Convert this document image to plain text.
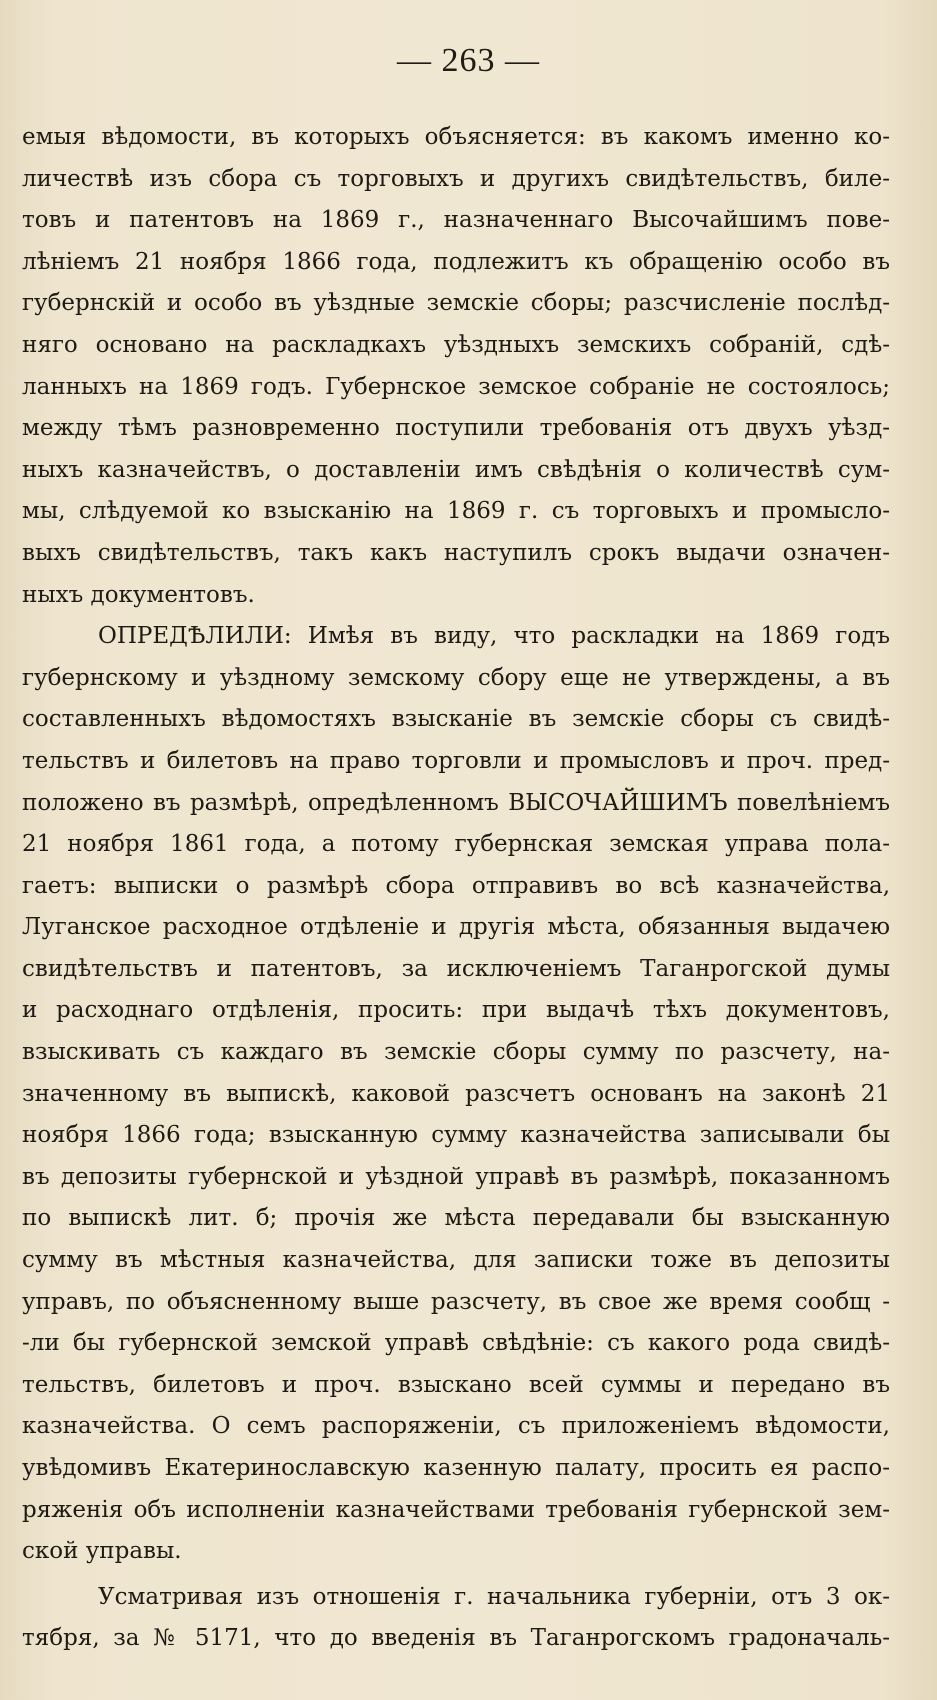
— 263 —
емыя вѣдомости, въ которыхъ объясняется: въ какомъ именно ко-
личествѣ изъ сбора съ торговыхъ и другихъ свидѣтельствъ, биле-
товъ и патентовъ на 1869 г., назначеннаго Высочайшимъ пове-
лѣніемъ 21 ноября 1866 года, подлежитъ къ обращенію особо въ
губернскій и особо въ уѣздные земскіе сборы; разсчисленіе послѣд-
няго основано на раскладкахъ уѣздныхъ земскихъ собраній, сдѣ-
ланныхъ на 1869 годъ. Губернское земское собраніе не состоялось;
между тѣмъ разновременно поступили требованія отъ двухъ уѣзд-
ныхъ казначействъ, о доставленіи имъ свѣдѣнія о количествѣ сум-
мы, слѣдуемой ко взысканію на 1869 г. съ торговыхъ и промысло-
выхъ свидѣтельствъ, такъ какъ наступилъ срокъ выдачи означен-
ныхъ документовъ.
ОПРЕДѢЛИЛИ: Имѣя въ виду, что раскладки на 1869 годъ
губернскому и уѣздному земскому сбору еще не утверждены, а въ
составленныхъ вѣдомостяхъ взысканіе въ земскіе сборы съ свидѣ-
тельствъ и билетовъ на право торговли и промысловъ и проч. пред-
положено въ размѣрѣ, опредѣленномъ ВЫСОЧАЙШИМЪ повелѣніемъ
21 ноября 1861 года, а потому губернская земская управа пола-
гаетъ: выписки о размѣрѣ сбора отправивъ во всѣ казначейства,
Луганское расходное отдѣленіе и другія мѣста, обязанныя выдачею
свидѣтельствъ и патентовъ, за исключеніемъ Таганрогской думы
и расходнаго отдѣленія, просить: при выдачѣ тѣхъ документовъ,
взыскивать съ каждаго въ земскіе сборы сумму по разсчету, на-
значенному въ выпискѣ, каковой разсчетъ основанъ на законѣ 21
ноября 1866 года; взысканную сумму казначейства записывали бы
въ депозиты губернской и уѣздной управѣ въ размѣрѣ, показанномъ
по выпискѣ лит. б; прочія же мѣста передавали бы взысканную
сумму въ мѣстныя казначейства, для записки тоже въ депозиты
управъ, по объясненному выше разсчету, въ свое же время сообщ -
-ли бы губернской земской управѣ свѣдѣніе: съ какого рода свидѣ-
тельствъ, билетовъ и проч. взыскано всей суммы и передано въ
казначейства. О семъ распоряженіи, съ приложеніемъ вѣдомости,
увѣдомивъ Екатеринославскую казенную палату, просить ея распо-
ряженія объ исполненіи казначействами требованія губернской зем-
ской управы.
Усматривая изъ отношенія г. начальника губерніи, отъ 3 ок-
тября, за № 5171, что до введенія въ Таганрогскомъ градоначаль-
